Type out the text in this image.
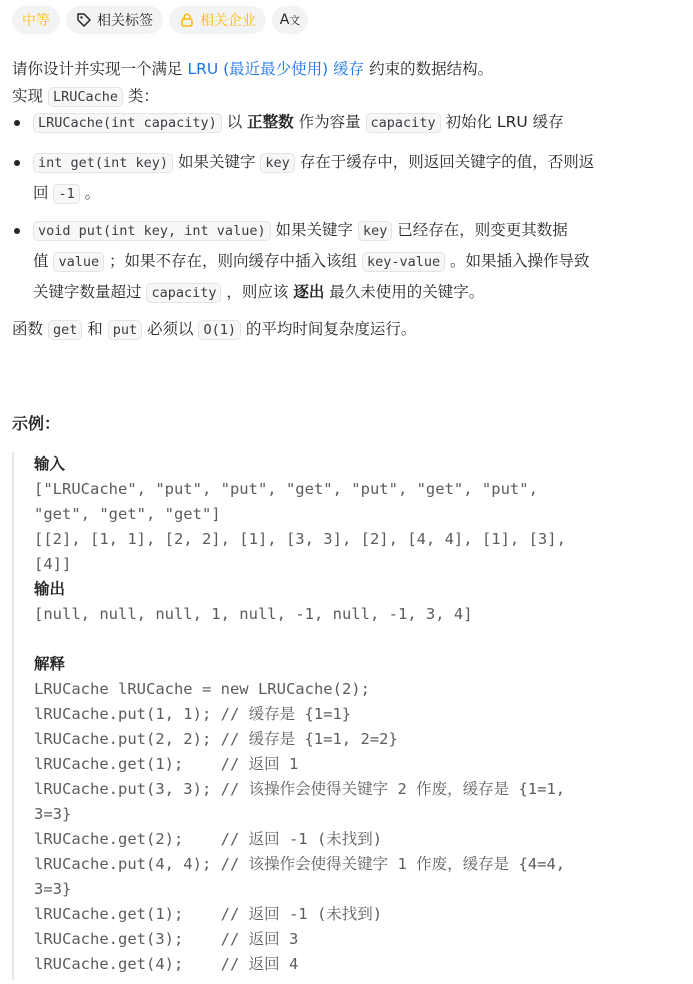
中等	相关标签	相关企业 A文
请你设计并实现一个满足 LRU (最近最少使用) 缓存 约束的数据结构。
实现 LRUCache 类：
LRUCache(int capacity) 以 正整数 作为容量 capacity 初始化 LRU 缓存
int get(int key) 如果关键字 key 存在于缓存中，则返回关键字的值，否则返
回 -1 。
void put(int key, int value) 如果关键字 key 已经存在，则变更其数据
值 value ；如果不存在，则向缓存中插入该组 key-value 。如果插入操作导致
关键字数量超过 capacity ，则应该 逐出 最久未使用的关键字。
函数 get 和 put 必须以 O(1) 的平均时间复杂度运行。
示例：
输入
["LRUCache", "put", "put", "get", "put", "get", "put",
"get", "get", "get"]
[[2], [1, 1], [2, 2], [1], [3, 3], [2], [4, 4], [1], [3],
[4]]
输出
[null, null, null, 1, null, -1, null, -1, 3, 4]
解释
LRUCache lRUCache = new LRUCache(2);
lRUCache.put(1, 1); // 缓存是 {1=1}
lRUCache.put(2, 2); // 缓存是 {1=1, 2=2}
lRUCache.get(1);    // 返回 1
lRUCache.put(3, 3); // 该操作会使得关键字 2 作废，缓存是 {1=1,
3=3}
lRUCache.get(2);    // 返回 -1 (未找到)
lRUCache.put(4, 4); // 该操作会使得关键字 1 作废，缓存是 {4=4,
3=3}
lRUCache.get(1);    // 返回 -1 (未找到)
lRUCache.get(3);    // 返回 3
lRUCache.get(4);    // 返回 4
